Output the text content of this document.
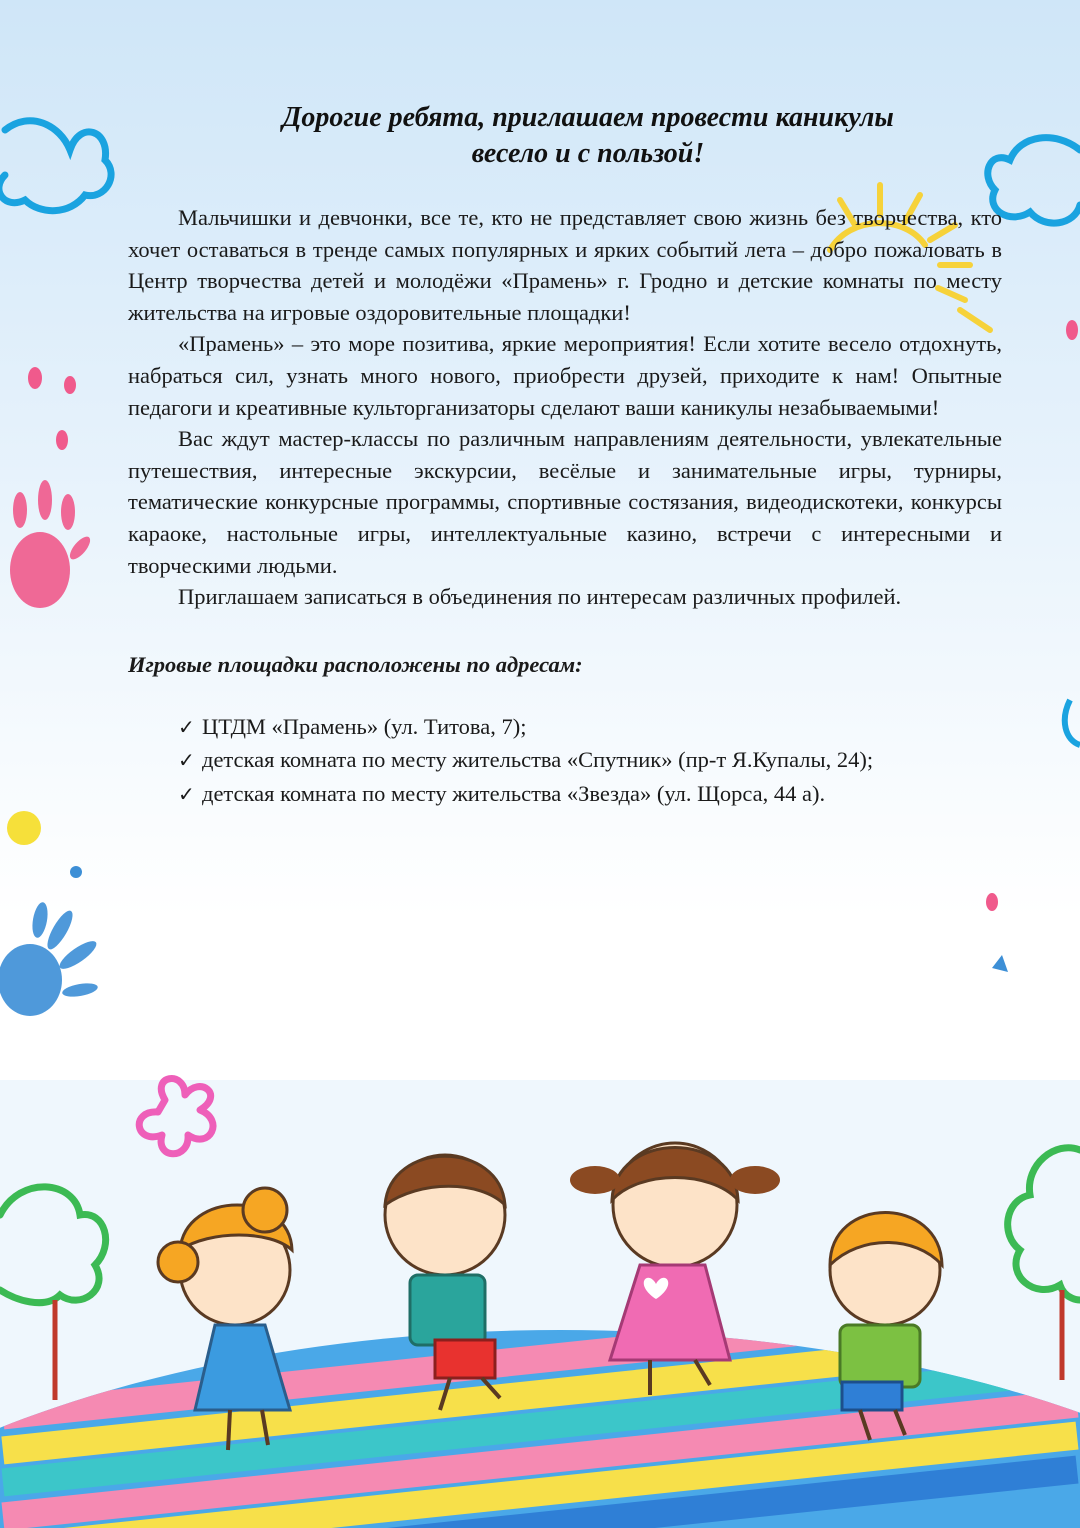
Дорогие ребята, приглашаем провести каникулы
весело и с пользой!

Мальчишки и девчонки, все те, кто не представляет свою жизнь без творчества, кто хочет оставаться в тренде самых популярных и ярких событий лета – добро пожаловать в Центр творчества детей и молодёжи «Прамень» г. Гродно и детские комнаты по месту жительства на игровые оздоровительные площадки!

«Прамень» – это море позитива, яркие мероприятия! Если хотите весело отдохнуть, набраться сил, узнать много нового, приобрести друзей, приходите к нам! Опытные педагоги и креативные культорганизаторы сделают ваши каникулы незабываемыми!

Вас ждут мастер-классы по различным направлениям деятельности, увлекательные путешествия, интересные экскурсии, весёлые и занимательные игры, турниры, тематические конкурсные программы, спортивные состязания, видеодискотеки, конкурсы караоке, настольные игры, интеллектуальные казино, встречи с интересными и творческими людьми.

Приглашаем записаться в объединения по интересам различных профилей.

Игровые площадки расположены по адресам:
✓ ЦТДМ «Прамень» (ул. Титова, 7);
✓ детская комната по месту жительства «Спутник» (пр-т Я.Купалы, 24);
✓ детская комната по месту жительства «Звезда» (ул. Щорса, 44 а).
